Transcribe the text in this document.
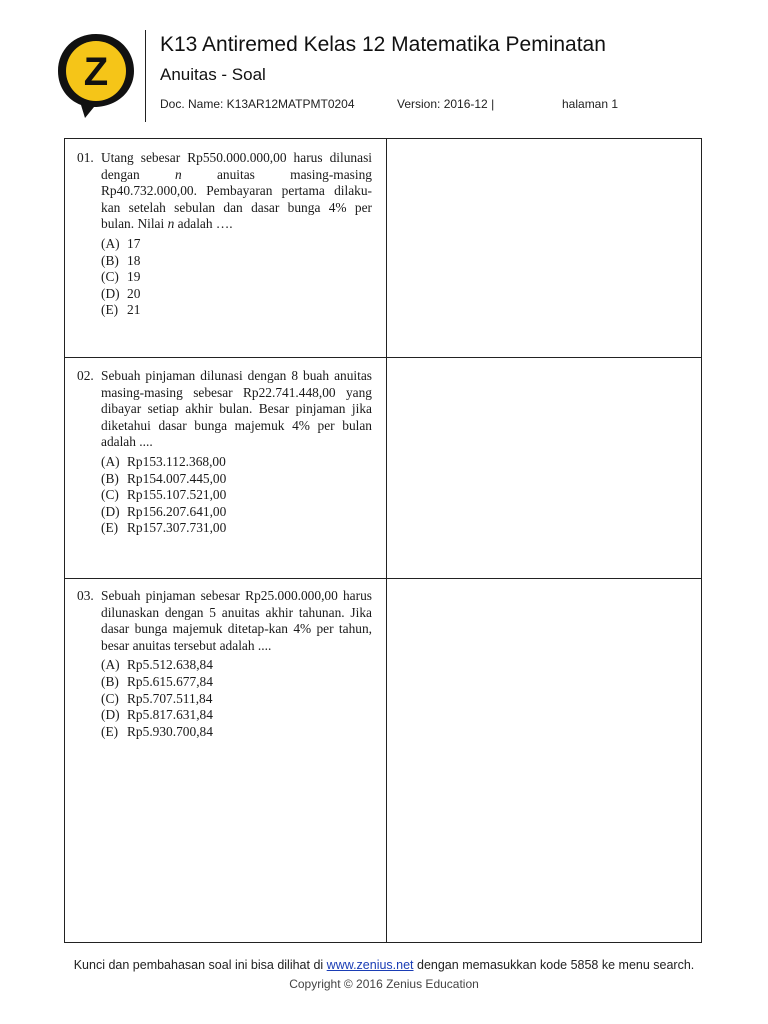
Z
K13 Antiremed Kelas 12 Matematika Peminatan
Anuitas - Soal
Doc. Name: K13AR12MATPMT0204	Version: 2016-12 |	halaman 1
01. Utang sebesar Rp550.000.000,00 harus dilunasi dengan n anuitas masing-masing Rp40.732.000,00. Pembayaran pertama dilaku-kan setelah sebulan dan dasar bunga 4% per bulan. Nilai n adalah ….

(A) 17
(B) 18
(C) 19
(D) 20
(E) 21
02. Sebuah pinjaman dilunasi dengan 8 buah anuitas masing-masing sebesar Rp22.741.448,00 yang dibayar setiap akhir bulan. Besar pinjaman jika diketahui dasar bunga majemuk 4% per bulan adalah ....

(A) Rp153.112.368,00
(B) Rp154.007.445,00
(C) Rp155.107.521,00
(D) Rp156.207.641,00
(E) Rp157.307.731,00
03. Sebuah pinjaman sebesar Rp25.000.000,00 harus dilunaskan dengan 5 anuitas akhir tahunan. Jika dasar bunga majemuk ditetap-kan 4% per tahun, besar anuitas tersebut adalah ....

(A) Rp5.512.638,84
(B) Rp5.615.677,84
(C) Rp5.707.511,84
(D) Rp5.817.631,84
(E) Rp5.930.700,84
Kunci dan pembahasan soal ini bisa dilihat di www.zenius.net dengan memasukkan kode 5858 ke menu search.
Copyright © 2016 Zenius Education
